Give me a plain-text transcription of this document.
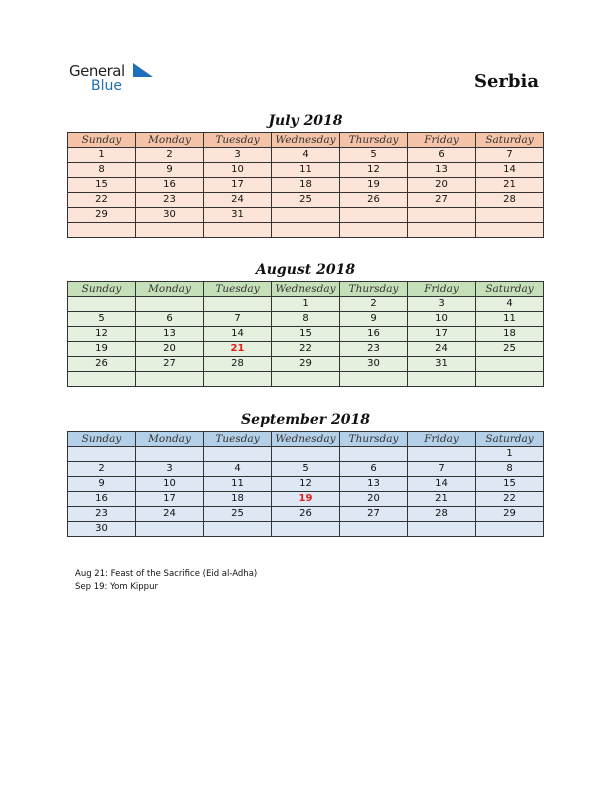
General
Blue	Serbia
July 2018
Sunday	Monday	Tuesday	Wednesday	Thursday	Friday	Saturday
1	2	3	4	5	6	7
8	9	10	11	12	13	14
15	16	17	18	19	20	21
22	23	24	25	26	27	28
29	30	31				

August 2018
Sunday	Monday	Tuesday	Wednesday	Thursday	Friday	Saturday
			1	2	3	4
5	6	7	8	9	10	11
12	13	14	15	16	17	18
19	20	21	22	23	24	25
26	27	28	29	30	31	

September 2018
Sunday	Monday	Tuesday	Wednesday	Thursday	Friday	Saturday
						1
2	3	4	5	6	7	8
9	10	11	12	13	14	15
16	17	18	19	20	21	22
23	24	25	26	27	28	29
30						
Aug 21: Feast of the Sacrifice (Eid al-Adha)
Sep 19: Yom Kippur
